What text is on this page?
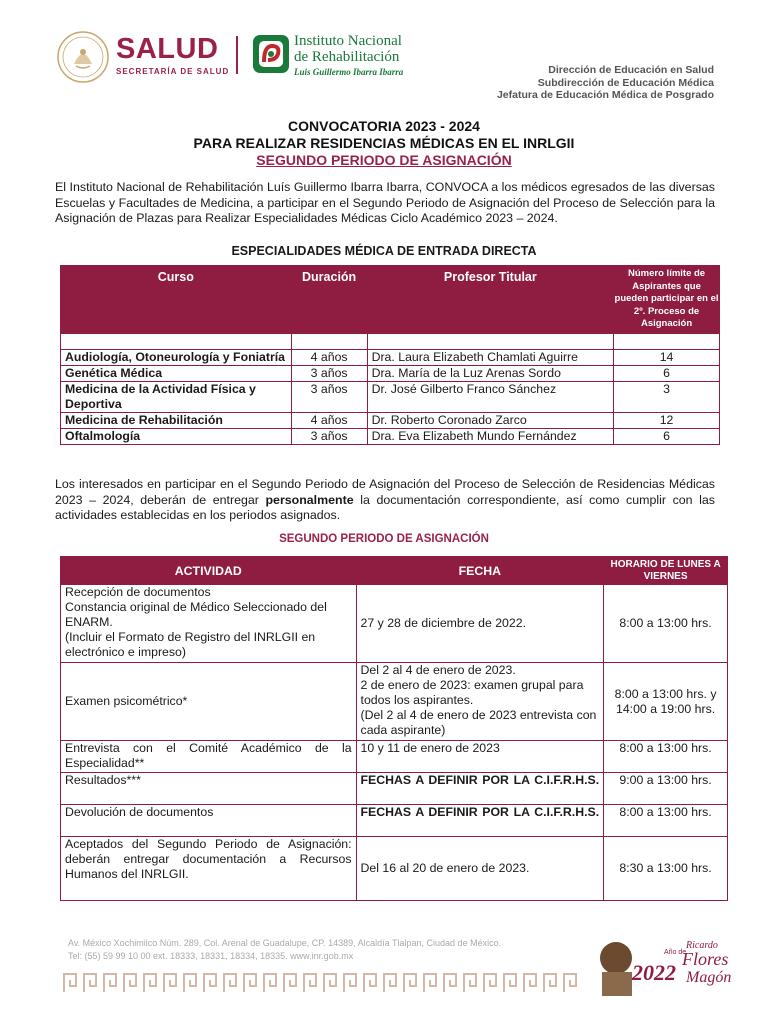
SALUD
SECRETARÍA DE SALUD
Instituto Nacional
de Rehabilitación
Luis Guillermo Ibarra Ibarra	Dirección de Educación en Salud
Subdirección de Educación Médica
Jefatura de Educación Médica de Posgrado
CONVOCATORIA 2023 - 2024
PARA REALIZAR RESIDENCIAS MÉDICAS EN EL INRLGII
SEGUNDO PERIODO DE ASIGNACIÓN

El Instituto Nacional de Rehabilitación Luís Guillermo Ibarra Ibarra, CONVOCA a los médicos egresados de las diversas Escuelas y Facultades de Medicina, a participar en el Segundo Periodo de Asignación del Proceso de Selección para la Asignación de Plazas para Realizar Especialidades Médicas Ciclo Académico 2023 – 2024.

ESPECIALIDADES MÉDICA DE ENTRADA DIRECTA
Curso	Duración	Profesor Titular	Número límite de Aspirantes que pueden participar en el 2º. Proceso de Asignación

Audiología, Otoneurología y Foniatría	4 años	Dra. Laura Elizabeth Chamlati Aguirre	14
Genética Médica	3 años	Dra. María de la Luz Arenas Sordo	6
Medicina de la Actividad Física y Deportiva	3 años	Dr. José Gilberto Franco Sánchez	3
Medicina de Rehabilitación	4 años	Dr. Roberto Coronado Zarco	12
Oftalmología	3 años	Dra. Eva Elizabeth Mundo Fernández	6

Los interesados en participar en el Segundo Periodo de Asignación del Proceso de Selección de Residencias Médicas 2023 – 2024, deberán de entregar personalmente la documentación correspondiente, así como cumplir con las actividades establecidas en los periodos asignados.

SEGUNDO PERIODO DE ASIGNACIÓN
ACTIVIDAD	FECHA	HORARIO DE LUNES A VIERNES
Recepción de documentos
Constancia original de Médico Seleccionado del ENARM.
(Incluir el Formato de Registro del INRLGII en electrónico e impreso)	27 y 28 de diciembre de 2022.	8:00 a 13:00 hrs.
Examen psicométrico*	Del 2 al 4 de enero de 2023.
2 de enero de 2023: examen grupal para todos los aspirantes.
(Del 2 al 4 de enero de 2023 entrevista con cada aspirante)	8:00 a 13:00 hrs. y 14:00 a 19:00 hrs.
Entrevista con el Comité Académico de la Especialidad**	10 y 11 de enero de 2023	8:00 a 13:00 hrs.
Resultados***	FECHAS A DEFINIR POR LA C.I.F.R.H.S.	9:00 a 13:00 hrs.
Devolución de documentos	FECHAS A DEFINIR POR LA C.I.F.R.H.S.	8:00 a 13:00 hrs.
Aceptados del Segundo Periodo de Asignación: deberán entregar documentación a Recursos Humanos del INRLGII.	Del 16 al 20 de enero de 2023.	8:30 a 13:00 hrs.
Av. México Xochimilco Núm. 289, Col. Arenal de Guadalupe, CP. 14389, Alcaldía Tlalpan, Ciudad de México.
Tel: (55) 59 99 10 00 ext. 18333, 18331, 18334, 18335. www.inr.gob.mx
2022
Ricardo
Flores
Magón
Año de
